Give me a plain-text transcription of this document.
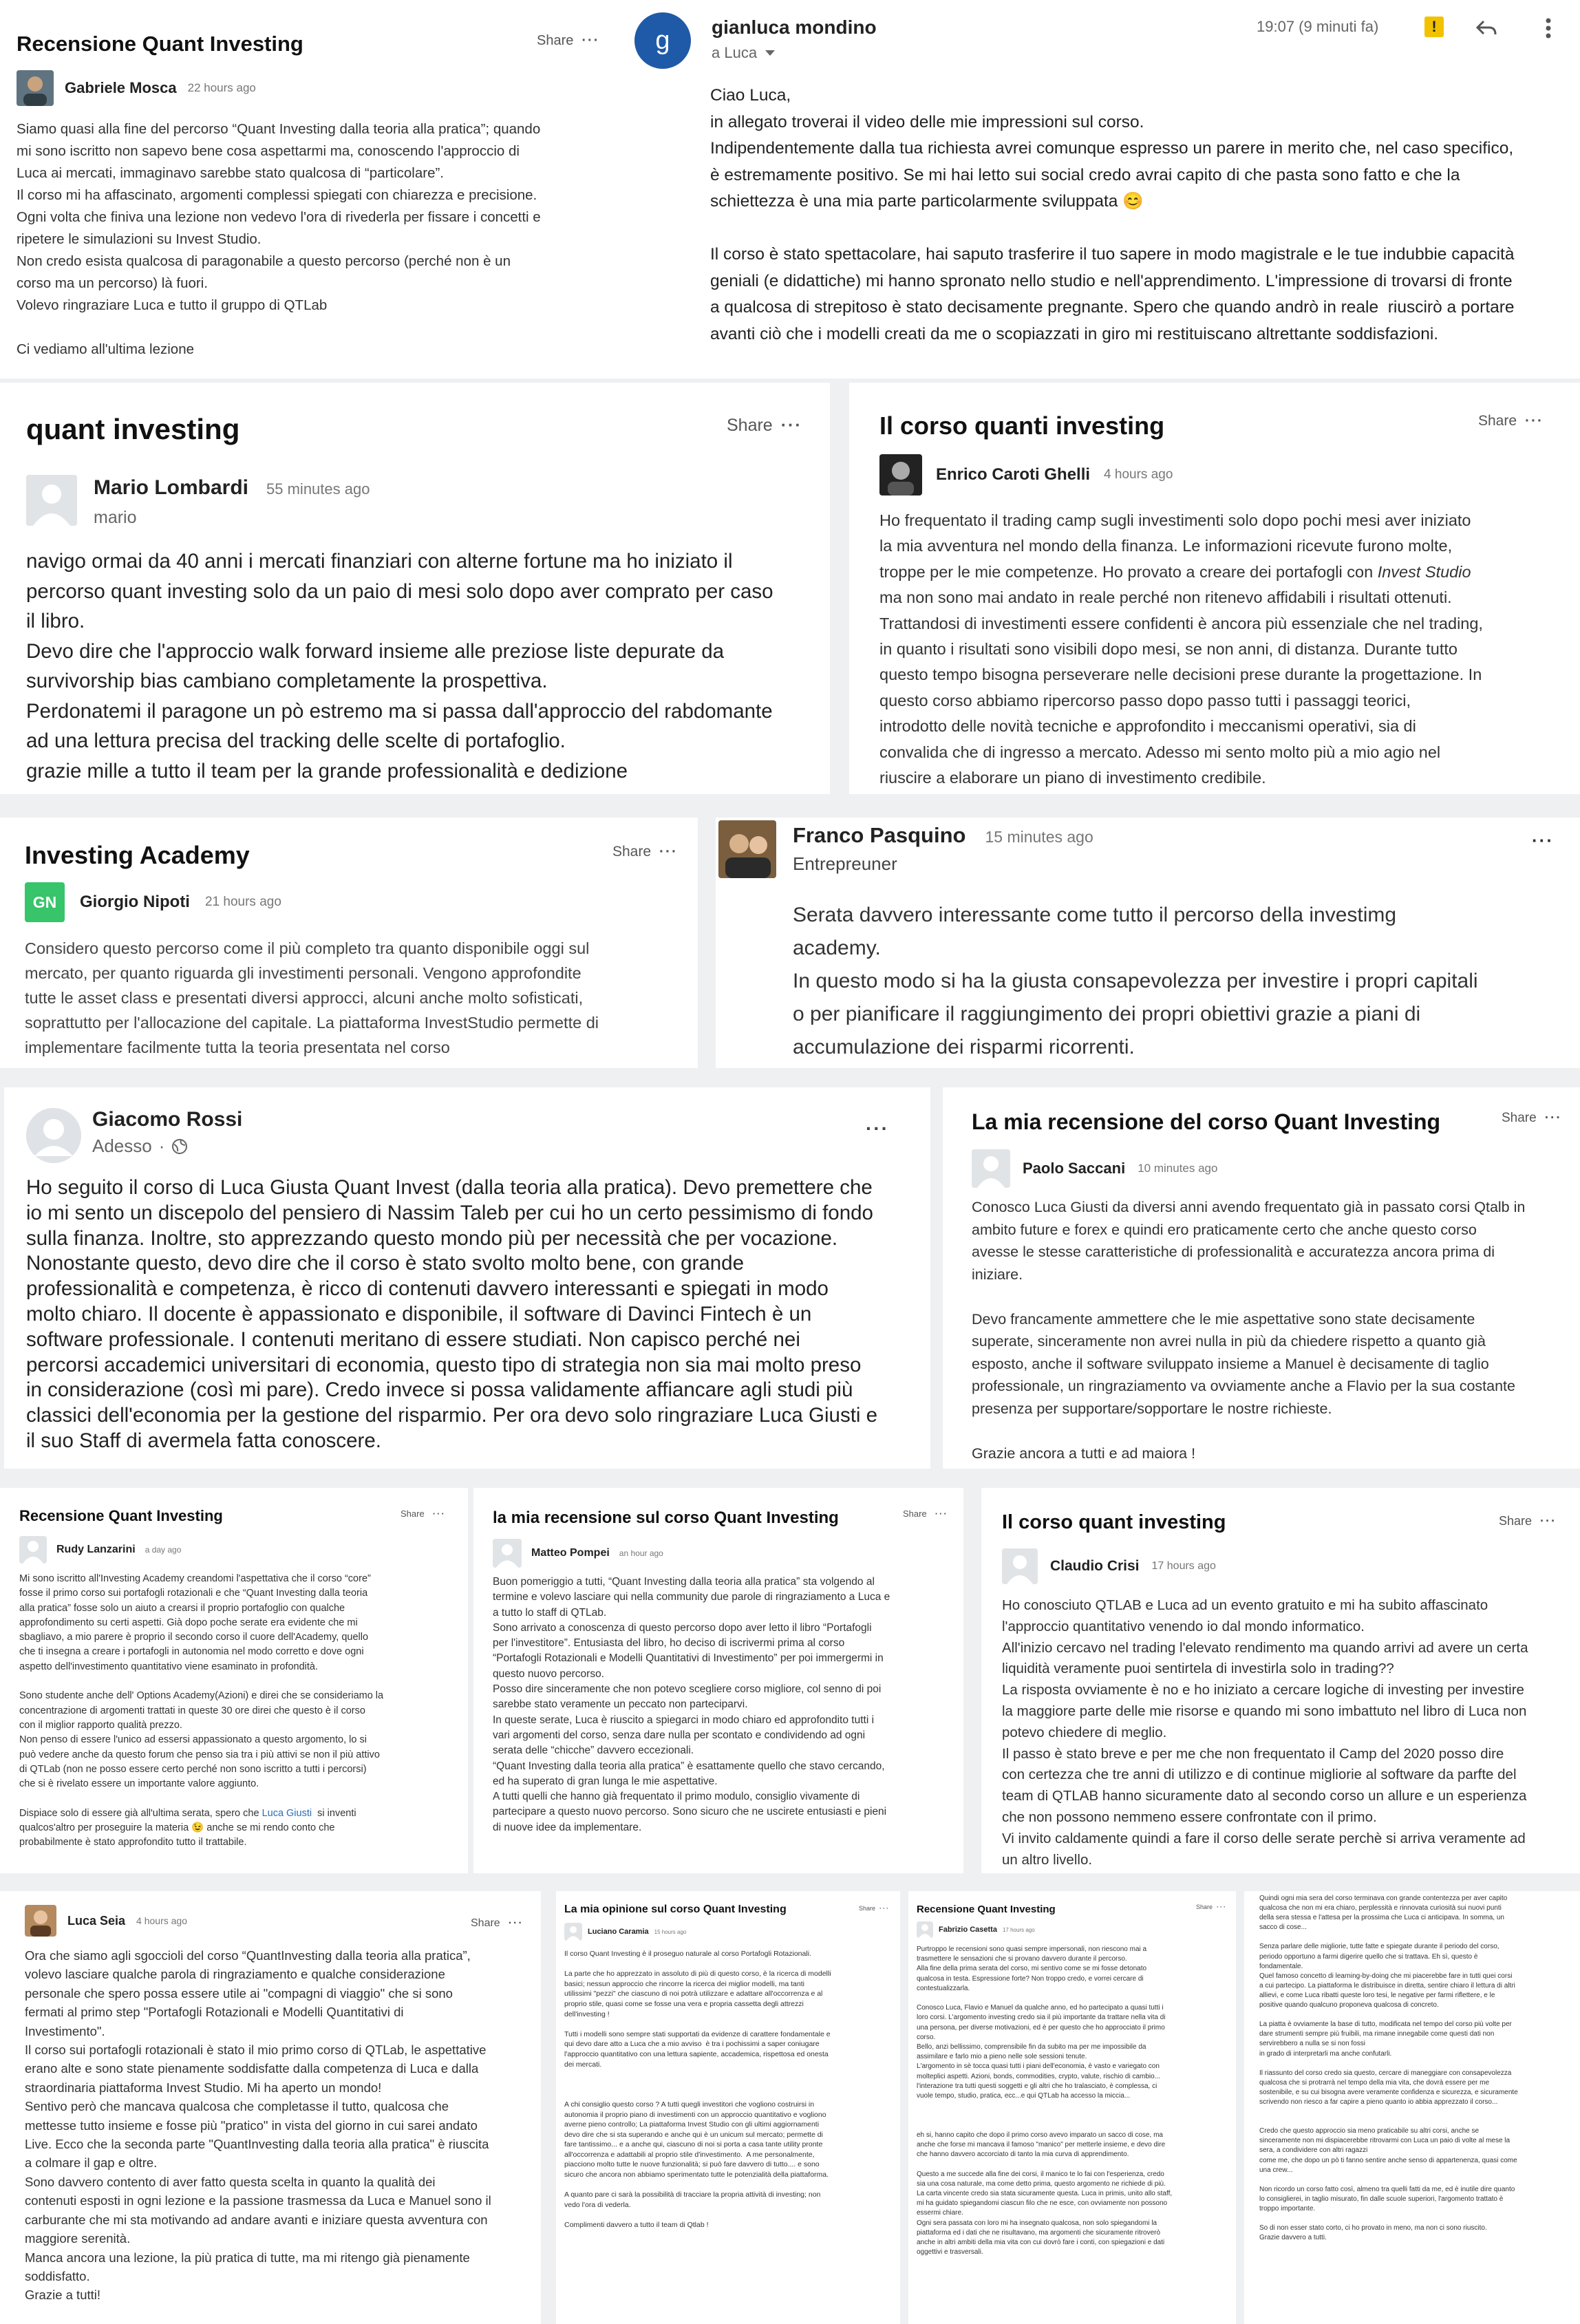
Recensione Quant Investing	Share ···
Gabriele Mosca 22 hours ago
Siamo quasi alla fine del percorso “Quant Investing dalla teoria alla pratica”; quando
mi sono iscritto non sapevo bene cosa aspettarmi ma, conoscendo l'approccio di
Luca ai mercati, immaginavo sarebbe stato qualcosa di “particolare”.
Il corso mi ha affascinato, argomenti complessi spiegati con chiarezza e precisione.
Ogni volta che finiva una lezione non vedevo l'ora di riveder​la per fissare i concetti e
ripetere le simulazioni su Invest Studio.
Non credo esista qualcosa di paragonabile a questo percorso (perché non è un
corso ma un percorso) là fuori.
Volevo ringraziare Luca e tutto il gruppo di QTLab

Ci vediamo all'ultima lezione
g	gianluca mondino
a Luca
19:07 (9 minuti fa)	!
Ciao Luca,
in allegato troverai il video delle mie impressioni sul corso.
Indipendentemente dalla tua richiesta avrei comunque espresso un parere in merito che, nel caso specifico,
è estremamente positivo. Se mi hai letto sui social credo avrai capito di che pasta sono fatto e che la
schiettezza è una mia parte particolarmente sviluppata 😊

Il corso è stato spettacolare, hai saputo trasferire il tuo sapere in modo magistrale e le tue indubbie capacità
geniali (e didattiche) mi hanno spronato nello studio e nell'apprendimento. L'impressione di trovarsi di fronte
a qualcosa di strepitoso è stato decisamente pregnante. Spero che quando andrò in reale  riuscirò a portare
avanti ciò che i modelli creati da me o scopiazzati in giro mi restituiscano altrettante soddisfazioni.
quant investing	Share ···
Mario Lombardi 55 minutes ago
mario
navigo ormai da 40 anni i mercati finanziari con alterne fortune ma ho iniziato il
percorso quant investing solo da un paio di mesi solo dopo aver comprato per caso
il libro.
Devo dire che l'approccio walk forward insieme alle preziose liste depurate da
survivorship bias cambiano completamente la prospettiva.
Perdonatemi il paragone un pò estremo ma si passa dall'approccio del rabdomante
ad una lettura precisa del tracking delle scelte di portafoglio.
grazie mille a tutto il team per la grande professionalità e dedizione
Il corso quanti investing	Share ···
Enrico Caroti Ghelli 4 hours ago
Ho frequentato il trading camp sugli investimenti solo dopo pochi mesi aver iniziato
la mia avventura nel mondo della finanza. Le informazioni ricevute furono molte,
troppe per le mie competenze. Ho provato a creare dei portafogli con Invest Studio
ma non sono mai andato in reale perché non ritenevo affidabili i risultati ottenuti.
Trattandosi di investimenti essere confidenti è ancora più essenziale che nel trading,
in quanto i risultati sono visibili dopo mesi, se non anni, di distanza. Durante tutto
questo tempo bisogna perseverare nelle decisioni prese durante la progettazione. In
questo corso abbiamo ripercorso passo dopo passo tutti i passaggi teorici,
introdotto delle novità tecniche e approfondito i meccanismi operativi, sia di
convalida che di ingresso a mercato. Adesso mi sento molto più a mio agio nel
riuscire a elaborare un piano di investimento credibile.
Investing Academy	Share ···
GN	Giorgio Nipoti 21 hours ago
Considero questo percorso come il più completo tra quanto disponibile oggi sul
mercato, per quanto riguarda gli investimenti personali. Vengono approfondite
tutte le asset class e presentati diversi approcci, alcuni anche molto sofisticati,
soprattutto per l'allocazione del capitale. La piattaforma InvestStudio permette di
implementare facilmente tutta la teoria presentata nel corso
Franco Pasquino 15 minutes ago
Entrepreuner
···
Serata davvero interessante come tutto il percorso della investimg
academy.
In questo modo si ha la giusta consapevolezza per investire i propri capitali
o per pianificare il raggiungimento dei propri obiettivi grazie a piani di
accumulazione dei risparmi ricorrenti.
Giacomo Rossi
Adesso ·
···
Ho seguito il corso di Luca Giusta Quant Invest (dalla teoria alla pratica). Devo premettere che
io mi sento un discepolo del pensiero di Nassim Taleb per cui ho un certo pessimismo di fondo
sulla finanza. Inoltre, sto apprezzando questo mondo più per necessità che per vocazione.
Nonostante questo, devo dire che il corso è stato svolto molto bene, con grande
professionalità e competenza, è ricco di contenuti davvero interessanti e spiegati in modo
molto chiaro. Il docente è appassionato e disponibile, il software di Davinci Fintech è un
software professionale. I contenuti meritano di essere studiati. Non capisco perché nei
percorsi accademici universitari di economia, questo tipo di strategia non sia mai molto preso
in considerazione (così mi pare). Credo invece si possa validamente affiancare agli studi più
classici dell'economia per la gestione del risparmio. Per ora devo solo ringraziare Luca Giusti e
il suo Staff di avermela fatta conoscere.
La mia recensione del corso Quant Investing	Share ···
Paolo Saccani 10 minutes ago
Conosco Luca Giusti da diversi anni avendo frequentato già in passato corsi Qtalb in
ambito future e forex e quindi ero praticamente certo che anche questo corso
avesse le stesse caratteristiche di professionalità e accuratezza ancora prima di
iniziare.

Devo francamente ammettere che le mie aspettative sono state decisamente
superate, sinceramente non avrei nulla in più da chiedere rispetto a quanto già
esposto, anche il software sviluppato insieme a Manuel è decisamente di taglio
professionale, un ringraziamento va ovviamente anche a Flavio per la sua costante
presenza per supportare/sopportare le nostre richieste.

Grazie ancora a tutti e ad maiora !
Recensione Quant Investing	Share ···
Rudy Lanzarini a day ago
Mi sono iscritto all'Investing Academy creandomi l'aspettativa che il corso “core”
fosse il primo corso sui portafogli rotazionali e che “Quant Investing dalla teoria
alla pratica” fosse solo un aiuto a crearsi il proprio portafoglio con qualche
approfondimento su certi aspetti. Già dopo poche serate era evidente che mi
sbagliavo, a mio parere è proprio il secondo corso il cuore dell'Academy, quello
che ti insegna a creare i portafogli in autonomia nel modo corretto e dove ogni
aspetto dell'investimento quantitativo viene esaminato in profondità.

Sono studente anche dell' Options Academy(Azioni) e direi che se consideriamo la
concentrazione di argomenti trattati in queste 30 ore direi che questo è il corso
con il miglior rapporto qualità prezzo.
Non penso di essere l'unico ad essersi appassionato a questo argomento, lo si
può vedere anche da questo forum che penso sia tra i più attivi se non il più attivo
di QTLab (non ne posso essere certo perché non sono iscritto a tutti i percorsi)
che si è rivelato essere un importante valore aggiunto.

Dispiace solo di essere già all'ultima serata, spero che Luca Giusti  si inventi
qualcos'altro per proseguire la materia 😉 anche se mi rendo conto che
probabilmente è stato approfondito tutto il trattabile.
la mia recensione sul corso Quant Investing	Share ···
Matteo Pompei an hour ago
Buon pomeriggio a tutti, “Quant Investing dalla teoria alla pratica” sta volgendo al
termine e volevo lasciare qui nella community due parole di ringraziamento a Luca e
a tutto lo staff di QTLab.
Sono arrivato a conoscenza di questo percorso dopo aver letto il libro “Portafogli
per l'investitore”. Entusiasta del libro, ho deciso di iscrivermi prima al corso
“Portafogli Rotazionali e Modelli Quantitativi di Investimento” per poi immergermi in
questo nuovo percorso.
Posso dire sinceramente che non potevo scegliere corso migliore, col senno di poi
sarebbe stato veramente un peccato non parteciparvi.
In queste serate, Luca è riuscito a spiegarci in modo chiaro ed approfondito tutti i
vari argomenti del corso, senza dare nulla per scontato e condividendo ad ogni
serata delle “chicche” davvero eccezionali.
“Quant Investing dalla teoria alla pratica” è esattamente quello che stavo cercando,
ed ha superato di gran lunga le mie aspettative.
A tutti quelli che hanno già frequentato il primo modulo, consiglio vivamente di
partecipare a questo nuovo percorso. Sono sicuro che ne uscirete entusiasti e pieni
di nuove idee da implementare.
Il corso quant investing	Share ···
Claudio Crisi 17 hours ago
Ho conosciuto QTLAB e Luca ad un evento gratuito e mi ha subito affascinato
l'approccio quantitativo venendo io dal mondo informatico.
All'inizio cercavo nel trading l'elevato rendimento ma quando arrivi ad avere un certa
liquidità veramente puoi sentirtela di investirla solo in trading??
La risposta ovviamente è no e ho iniziato a cercare logiche di investing per investire
la maggiore parte delle mie risorse e quando mi sono imbattuto nel libro di Luca non
potevo chiedere di meglio.
Il passo è stato breve e per me che non frequentato il Camp del 2020 posso dire
con certezza che tre anni di utilizzo e di continue migliorie al software da parfte del
team di QTLAB hanno sicuramente dato al secondo corso un allure e un esperienza
che non possono nemmeno essere confrontate con il primo.
Vi invito caldamente quindi a fare il corso delle serate perchè si arriva veramente ad
un altro livello.
Luca Seia 4 hours ago	Share ···
Ora che siamo agli sgoccioli del corso “QuantInvesting dalla teoria alla pratica”,
volevo lasciare qualche parola di ringraziamento e qualche considerazione
personale che spero possa essere utile ai "compagni di viaggio" che si sono
fermati al primo step "Portafogli Rotazionali e Modelli Quantitativi di
Investimento".
Il corso sui portafogli rotazionali è stato il mio primo corso di QTLab, le aspettative
erano alte e sono state pienamente soddisfatte dalla competenza di Luca e dalla
straordinaria piattaforma Invest Studio. Mi ha aperto un mondo!
Sentivo però che mancava qualcosa che completasse il tutto, qualcosa che
mettesse tutto insieme e fosse più "pratico" in vista del giorno in cui sarei andato
Live. Ecco che la seconda parte "QuantInvesting dalla teoria alla pratica" è riuscita
a colmare il gap e oltre.
Sono davvero contento di aver fatto questa scelta in quanto la qualità dei
contenuti esposti in ogni lezione e la passione trasmessa da Luca e Manuel sono il
carburante che mi sta motivando ad andare avanti e iniziare questa avventura con
maggiore serenità.
Manca ancora una lezione, la più pratica di tutte, ma mi ritengo già pienamente
soddisfatto.
Grazie a tutti!
La mia opinione sul corso Quant Investing	Share ···
Luciano Caramia 15 hours ago
Il corso Quant Investing è il proseguo naturale al corso Portafogli Rotazionali.

La parte che ho apprezzato in assoluto di più di questo corso, è la ricerca di modelli
basici; nessun approccio che rincorre la ricerca dei miglior modelli, ma tanti
utilissimi "pezzi" che ciascuno di noi potrà utilizzare e adattare all'occorrenza e al
proprio stile, quasi come se fosse una vera e propria cassetta degli attrezzi
dell'investing !

Tutti i modelli sono sempre stati supportati da evidenze di carattere fondamentale e
qui devo dare atto a Luca che a mio avviso  è tra i pochissimi a saper coniugare
l'approccio quantitativo con una lettura sapiente, accademica, rispettosa ed onesta
dei mercati.

A chi consiglio questo corso ? A tutti quegli investitori che vogliono costruirsi in
autonomia il proprio piano di investimenti con un approccio quantitativo e vogliono
averne pieno controllo; La piattaforma Invest Studio con gli ultimi aggiornamenti
devo dire che si sta superando e anche qui è un unicum sul mercato; permette di
fare tantissimo... e a anche qui, ciascuno di noi si porta a casa tante utility pronte
all'occorrenza e adattabili al proprio stile d'investimento.  A me personalmente,
piacciono molto tutte le nuove funzionalità; si può fare davvero di tutto.... e sono
sicuro che ancora non abbiamo sperimentato tutte le potenzialità della piattaforma.

A quanto pare ci sarà la possibilità di tracciare la propria attività di investing; non
vedo l'ora di vederla.

Complimenti davvero a tutto il team di Qtlab !
Recensione Quant Investing	Share ···
Fabrizio Casetta 17 hours ago
Purtroppo le recensioni sono quasi sempre impersonali, non riescono mai a
trasmettere le sensazioni che si provano davvero durante il percorso.
Alla fine della prima serata del corso, mi sentivo come se mi fosse detonato
qualcosa in testa. Espressione forte? Non troppo credo, e vorrei cercare di
contestualizzarla.

Conosco Luca, Flavio e Manuel da qualche anno, ed ho partecipato a quasi tutti i
loro corsi. L'argomento investing credo sia il più importante da trattare nella vita di
una persona, per diverse motivazioni, ed è per questo che ho approcciato il primo
corso.
Bello, anzi bellissimo, comprensibile fin da subito ma per me impossibile da
assimilare e farlo mio a pieno nelle sole sessioni tenute.
L'argomento in sè tocca quasi tutti i piani dell'economia, è vasto e variegato con
molteplici aspetti. Azioni, bonds, commodities, crypto, valute, rischio di cambio...
l'interazione tra tutti questi soggetti e gli altri che ho tralasciato, è complessa, ci
vuole tempo, studio, pratica, ecc...e qui QTLab ha accesso la miccia...

eh si, hanno capito che dopo il primo corso avevo imparato un sacco di cose, ma
anche che forse mi mancava il famoso "manico" per metterle insieme, e devo dire
che hanno davvero accorciato di tanto la mia curva di apprendimento.

Questo a me succede alla fine dei corsi, il manico te lo fai con l'esperienza, credo
sia una cosa naturale, ma come detto prima, questo argomento ne richiede di più.
La carta vincente credo sia stata sicuramente questa. Luca in primis, unito allo staff,
mi ha guidato spiegandomi ciascun filo che ne esce, con ovviamente non possono
essermi chiare.
Ogni sera passata con loro mi ha insegnato qualcosa, non solo spiegandomi la
piattaforma ed i dati che ne risultavano, ma argomenti che sicuramente ritroverò
anche in altri ambiti della mia vita con cui dovrò fare i conti, con spiegazioni e dati
oggettivi e trasversali.
Quindi ogni mia sera del corso terminava con grande contentezza per aver capito
qualcosa che non mi era chiaro, perplessità e rinnovata curiosità sui nuovi punti
della sera stessa e l'attesa per la prossima che Luca ci anticipava. In somma, un
sacco di cose...

Senza parlare delle migliorie, tutte fatte e spiegate durante il periodo del corso,
periodo opportuno a farmi digerire quello che si trattava. Eh sì, questo è
fondamentale.
Quel famoso concetto di learning-by-doing che mi piacerebbe fare in tutti quei corsi
a cui partecipo. La piattaforma le distribuisce in diretta, sentire chiaro il lettura di altri
allievi, e come Luca ribatti queste loro tesi, le negative per farmi riflettere, e le
positive quando qualcuno proponeva qualcosa di concreto.

La piatta è ovviamente la base di tutto, modificata nel tempo del corso più volte per
dare strumenti sempre più fruibili, ma rimane innegabile come questi dati non
servirebbero a nulla se si non fossi
in grado di interpretarli ma anche confutarli.

Il riassunto del corso credo sia questo, cercare di maneggiare con consapevolezza
qualcosa che si protrarrà nel tempo della mia vita, che dovrà essere per me
sostenibile, e su cui bisogna avere veramente confidenza e sicurezza, e sicuramente
scrivendo non riesco a far capire a pieno quanto io abbia apprezzato il corso...

Credo che questo approccio sia meno praticabile su altri corsi, anche se
sinceramente non mi dispiacerebbe ritrovarmi con Luca un paio di volte al mese la
sera, a condividere con altri ragazzi
come me, che dopo un pò ti fanno sentire anche senso di appartenenza, quasi come
una crew...

Non ricordo un corso fatto così, almeno tra quelli fatti da me, ed è inutile dire quanto
lo consiglierei, in taglio misurato, fin dalle scuole superiori, l'argomento trattato è
troppo importante.

So di non esser stato corto, ci ho provato in meno, ma non ci sono riuscito.
Grazie davvero a tutti.
